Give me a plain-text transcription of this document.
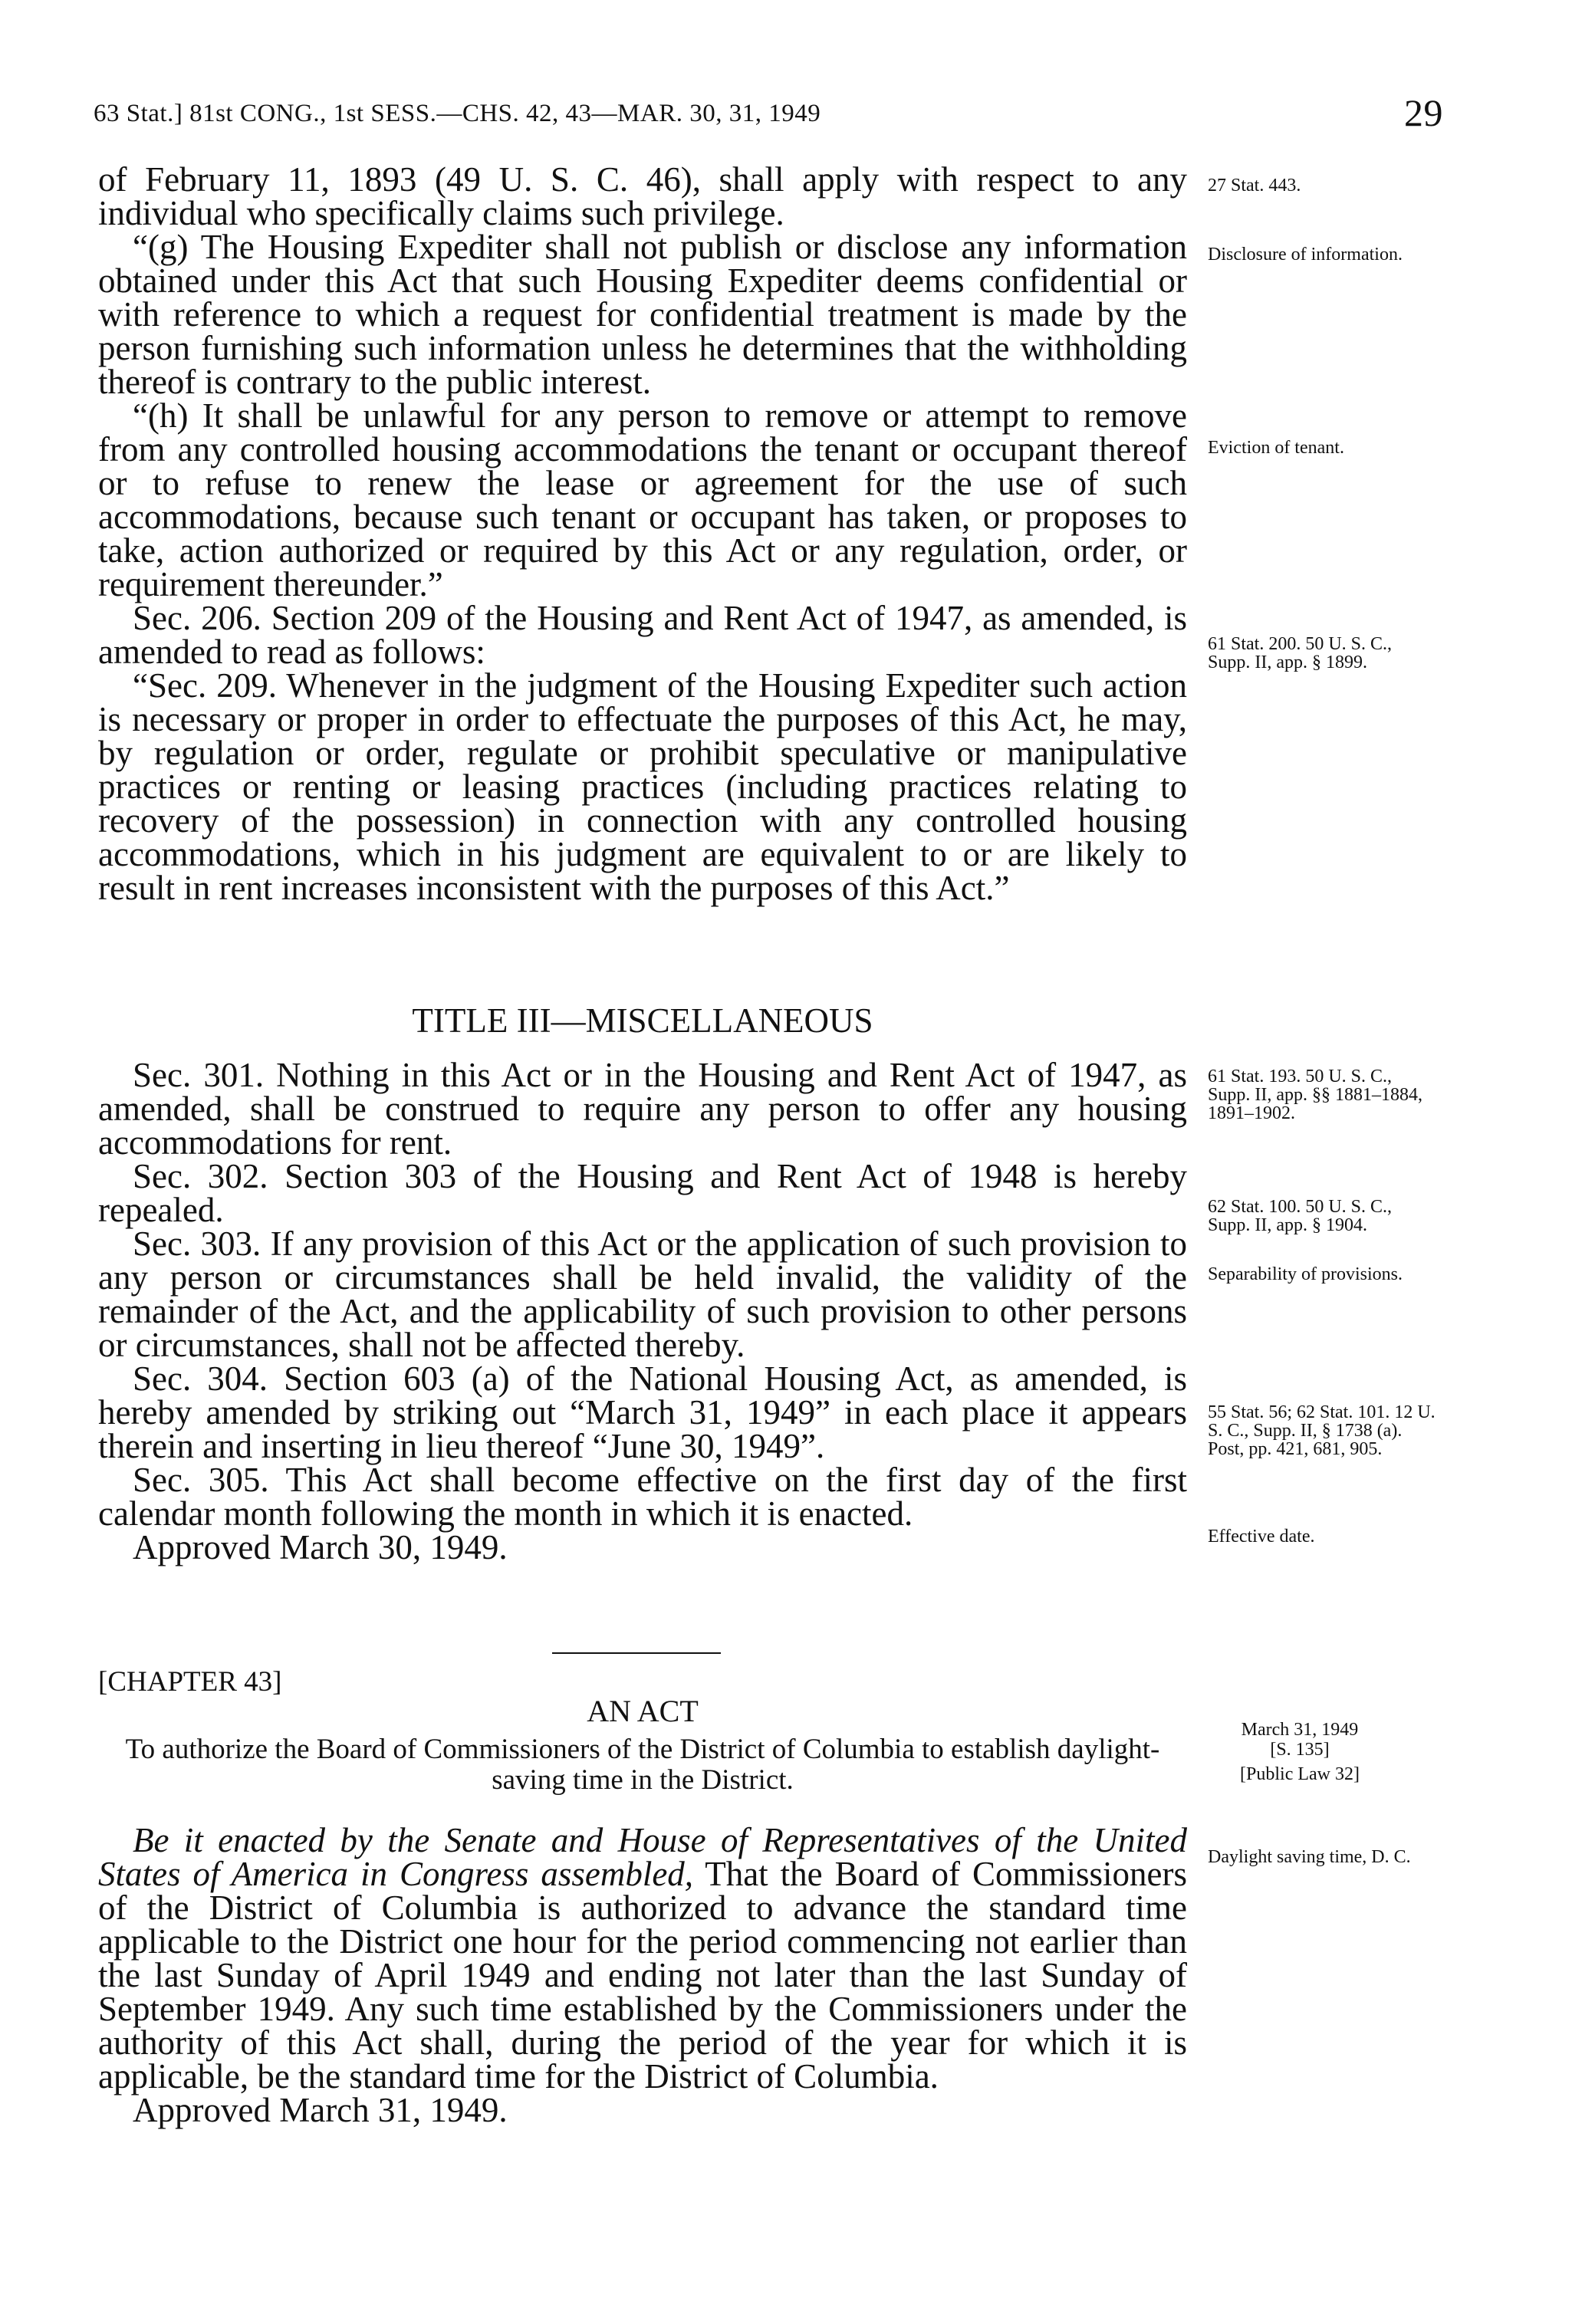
63 Stat.] 81st CONG., 1st SESS.—CHS. 42, 43—MAR. 30, 31, 1949	29

of February 11, 1893 (49 U. S. C. 46), shall apply with respect to any individual who specifically claims such privilege.

“(g) The Housing Expediter shall not publish or disclose any information obtained under this Act that such Housing Expediter deems confidential or with reference to which a request for confidential treatment is made by the person furnishing such information unless he determines that the withholding thereof is contrary to the public interest.

“(h) It shall be unlawful for any person to remove or attempt to remove from any controlled housing accommodations the tenant or occupant thereof or to refuse to renew the lease or agreement for the use of such accommodations, because such tenant or occupant has taken, or proposes to take, action authorized or required by this Act or any regulation, order, or requirement thereunder.”

Sec. 206. Section 209 of the Housing and Rent Act of 1947, as amended, is amended to read as follows:

“Sec. 209. Whenever in the judgment of the Housing Expediter such action is necessary or proper in order to effectuate the purposes of this Act, he may, by regulation or order, regulate or prohibit speculative or manipulative practices or renting or leasing practices (including practices relating to recovery of the possession) in connection with any controlled housing accommodations, which in his judgment are equivalent to or are likely to result in rent increases inconsistent with the purposes of this Act.”

TITLE III—MISCELLANEOUS

Sec. 301. Nothing in this Act or in the Housing and Rent Act of 1947, as amended, shall be construed to require any person to offer any housing accommodations for rent.

Sec. 302. Section 303 of the Housing and Rent Act of 1948 is hereby repealed.

Sec. 303. If any provision of this Act or the application of such provision to any person or circumstances shall be held invalid, the validity of the remainder of the Act, and the applicability of such provision to other persons or circumstances, shall not be affected thereby.

Sec. 304. Section 603 (a) of the National Housing Act, as amended, is hereby amended by striking out “March 31, 1949” in each place it appears therein and inserting in lieu thereof “June 30, 1949”.

Sec. 305. This Act shall become effective on the first day of the first calendar month following the month in which it is enacted.

Approved March 30, 1949.

[CHAPTER 43]
AN ACT
To authorize the Board of Commissioners of the District of Columbia to establish daylight-saving time in the District.

Be it enacted by the Senate and House of Representatives of the United States of America in Congress assembled, That the Board of Commissioners of the District of Columbia is authorized to advance the standard time applicable to the District one hour for the period commencing not earlier than the last Sunday of April 1949 and ending not later than the last Sunday of September 1949. Any such time established by the Commissioners under the authority of this Act shall, during the period of the year for which it is applicable, be the standard time for the District of Columbia.

Approved March 31, 1949.

27 Stat. 443.
Disclosure of information.
Eviction of tenant.
61 Stat. 200. 50 U. S. C., Supp. II, app. § 1899.
61 Stat. 193. 50 U. S. C., Supp. II, app. §§ 1881–1884, 1891–1902.
62 Stat. 100. 50 U. S. C., Supp. II, app. § 1904.
Separability of provisions.
55 Stat. 56; 62 Stat. 101. 12 U. S. C., Supp. II, § 1738 (a). Post, pp. 421, 681, 905.
Effective date.
March 31, 1949
[S. 135]
[Public Law 32]
Daylight saving time, D. C.
